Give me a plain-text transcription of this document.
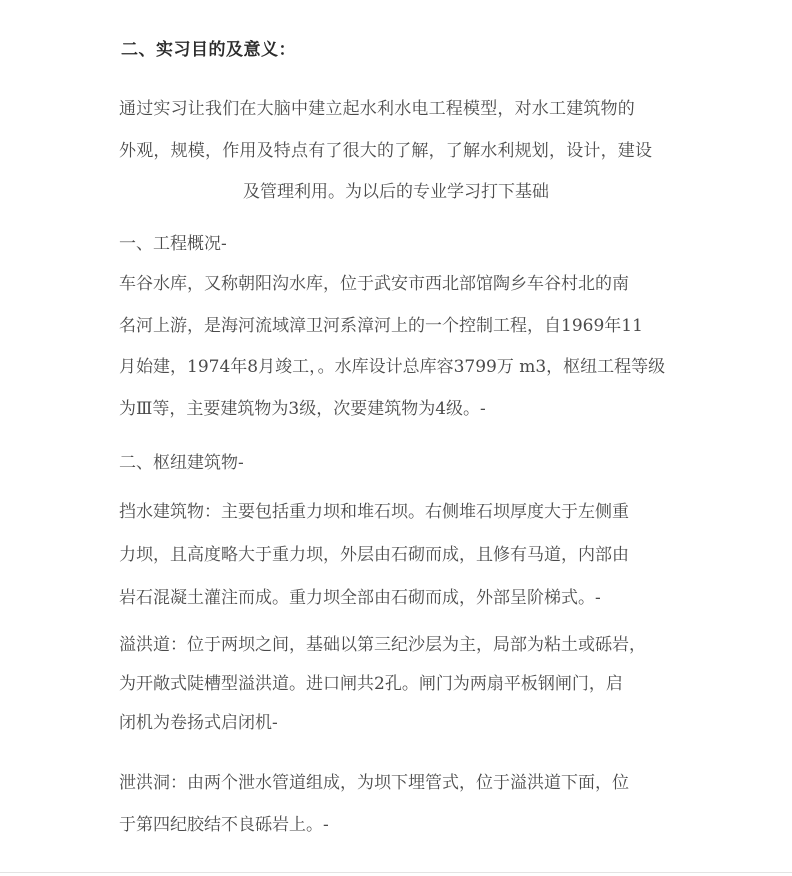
二、实习目的及意义：
通过实习让我们在大脑中建立起水利水电工程模型，对水工建筑物的
外观，规模，作用及特点有了很大的了解，了解水利规划，设计，建设
及管理利用。为以后的专业学习打下基础
一、工程概况-
车谷水库，又称朝阳沟水库，位于武安市西北部馆陶乡车谷村北的南
名河上游，是海河流域漳卫河系漳河上的一个控制工程，自1969年11
月始建，1974年8月竣工，。水库设计总库容3799万 m3，枢纽工程等级
为Ⅲ等，主要建筑物为3级，次要建筑物为4级。-
二、枢纽建筑物-
挡水建筑物：主要包括重力坝和堆石坝。右侧堆石坝厚度大于左侧重
力坝，且高度略大于重力坝，外层由石砌而成，且修有马道，内部由
岩石混凝土灌注而成。重力坝全部由石砌而成，外部呈阶梯式。-
溢洪道：位于两坝之间，基础以第三纪沙层为主，局部为粘土或砾岩，
为开敞式陡槽型溢洪道。进口闸共2孔。闸门为两扇平板钢闸门，启
闭机为卷扬式启闭机-
泄洪洞：由两个泄水管道组成，为坝下埋管式，位于溢洪道下面，位
于第四纪胶结不良砾岩上。-
